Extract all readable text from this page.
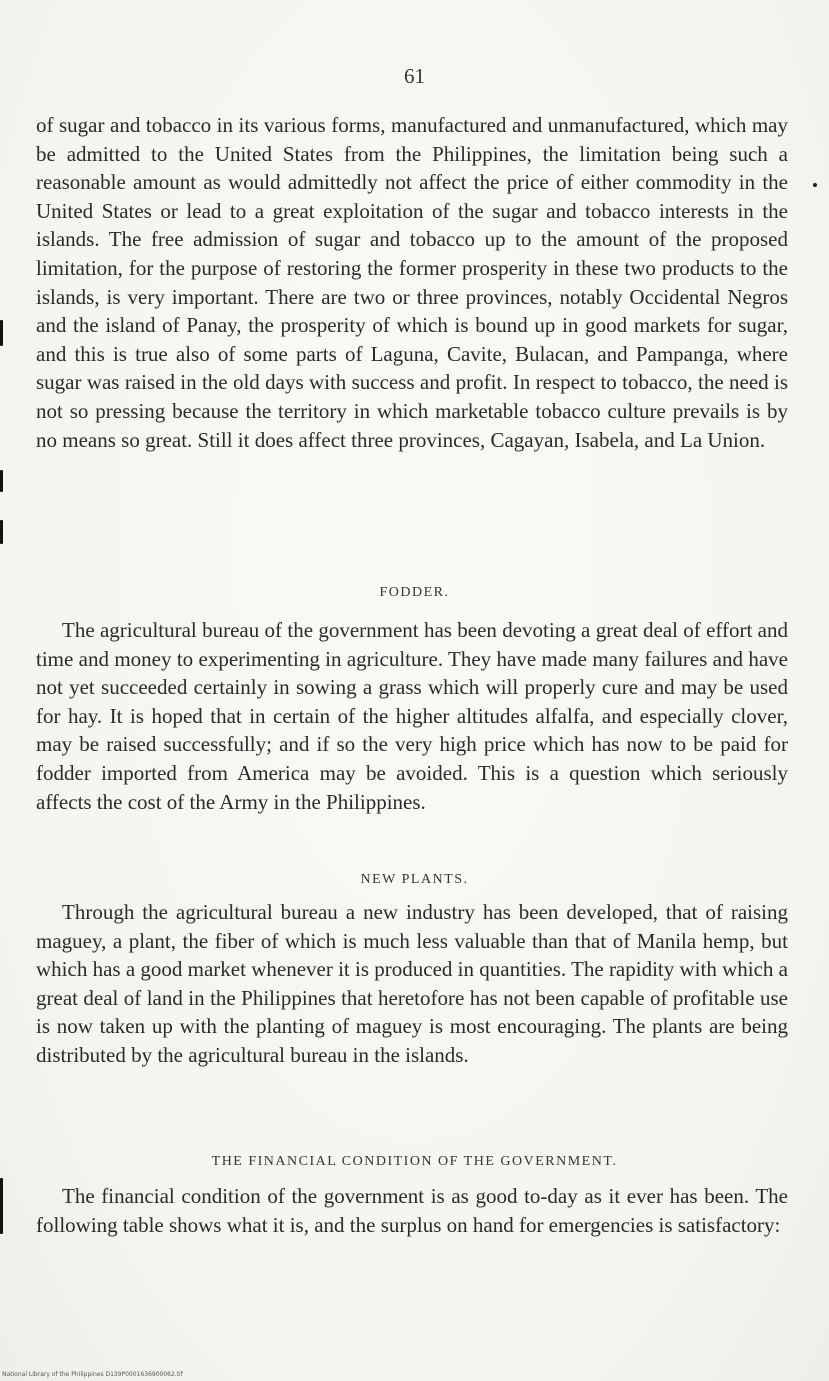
61

of sugar and tobacco in its various forms, manufactured and unmanufactured, which may be admitted to the United States from the Philippines, the limitation being such a reasonable amount as would admittedly not affect the price of either commodity in the United States or lead to a great exploitation of the sugar and tobacco interests in the islands. The free admission of sugar and tobacco up to the amount of the proposed limitation, for the purpose of restoring the former prosperity in these two products to the islands, is very important. There are two or three provinces, notably Occidental Negros and the island of Panay, the prosperity of which is bound up in good markets for sugar, and this is true also of some parts of Laguna, Cavite, Bulacan, and Pampanga, where sugar was raised in the old days with success and profit. In respect to tobacco, the need is not so pressing because the territory in which marketable tobacco culture prevails is by no means so great. Still it does affect three provinces, Cagayan, Isabela, and La Union.

FODDER.

The agricultural bureau of the government has been devoting a great deal of effort and time and money to experimenting in agriculture. They have made many failures and have not yet succeeded certainly in sowing a grass which will properly cure and may be used for hay. It is hoped that in certain of the higher altitudes alfalfa, and especially clover, may be raised successfully; and if so the very high price which has now to be paid for fodder imported from America may be avoided. This is a question which seriously affects the cost of the Army in the Philippines.

NEW PLANTS.

Through the agricultural bureau a new industry has been developed, that of raising maguey, a plant, the fiber of which is much less valuable than that of Manila hemp, but which has a good market whenever it is produced in quantities. The rapidity with which a great deal of land in the Philippines that heretofore has not been capable of profitable use is now taken up with the planting of maguey is most encouraging. The plants are being distributed by the agricultural bureau in the islands.

THE FINANCIAL CONDITION OF THE GOVERNMENT.

The financial condition of the government is as good to-day as it ever has been. The following table shows what it is, and the surplus on hand for emergencies is satisfactory:

National Library of the Philippines D139P0001636900062.tif
